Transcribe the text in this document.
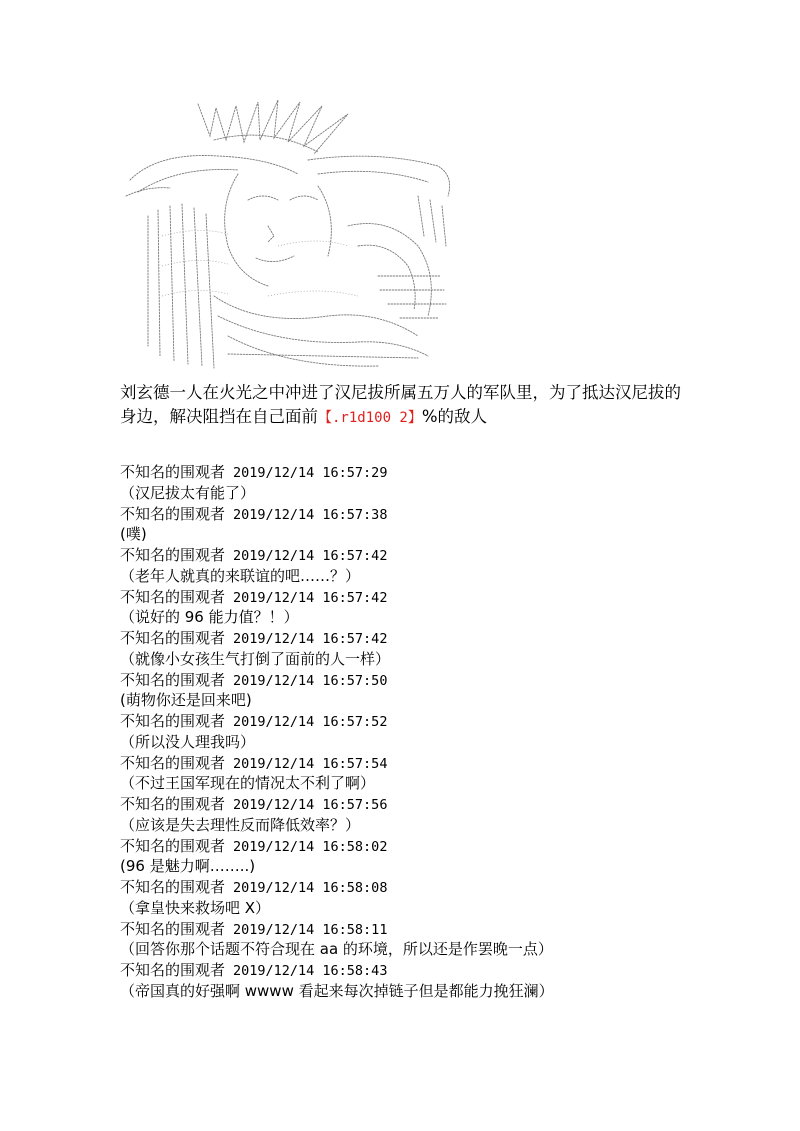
刘玄德一人在火光之中冲进了汉尼拔所属五万人的军队里，为了抵达汉尼拔的身边，解决阻挡在自己面前【.r1d100 2】%的敌人

不知名的围观者 2019/12/14 16:57:29
（汉尼拔太有能了）
不知名的围观者 2019/12/14 16:57:38
(噗)
不知名的围观者 2019/12/14 16:57:42
（老年人就真的来联谊的吧……？）
不知名的围观者 2019/12/14 16:57:42
（说好的 96 能力值？！）
不知名的围观者 2019/12/14 16:57:42
（就像小女孩生气打倒了面前的人一样）
不知名的围观者 2019/12/14 16:57:50
(萌物你还是回来吧)
不知名的围观者 2019/12/14 16:57:52
（所以没人理我吗）
不知名的围观者 2019/12/14 16:57:54
（不过王国军现在的情况太不利了啊）
不知名的围观者 2019/12/14 16:57:56
（应该是失去理性反而降低效率？）
不知名的围观者 2019/12/14 16:58:02
(96 是魅力啊……..)
不知名的围观者 2019/12/14 16:58:08
（拿皇快来救场吧 X）
不知名的围观者 2019/12/14 16:58:11
（回答你那个话题不符合现在 aa 的环境，所以还是作罢晚一点）
不知名的围观者 2019/12/14 16:58:43
（帝国真的好强啊 wwww 看起来每次掉链子但是都能力挽狂澜）
